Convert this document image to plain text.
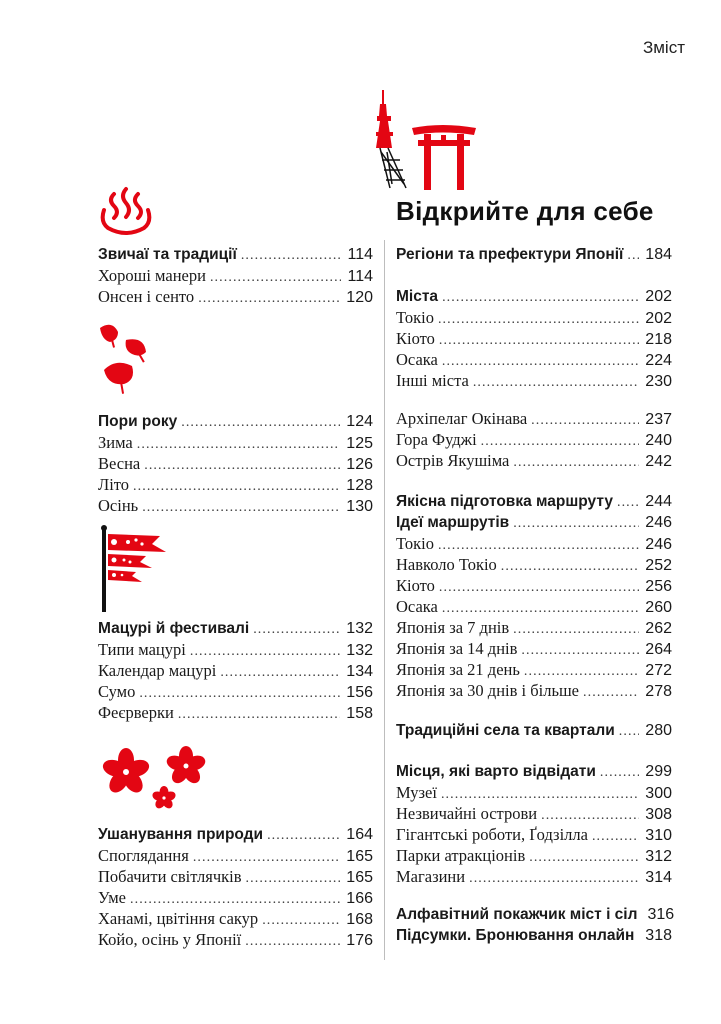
Зміст
Відкрийте для себе
Звичаї та традиції . . .	114
Хороші манери . . .	114
Онсен і сенто . . .	120
Пори року . . .	124
Зима . . .	125
Весна . . .	126
Літо . . .	128
Осінь . . .	130
Мацурі й фестивалі . . .	132
Типи мацурі . . .	132
Календар мацурі . . .	134
Сумо . . .	156
Феєрверки . . .	158
Ушанування природи . . .	164
Споглядання . . .	165
Побачити світлячків . . .	165
Уме . . .	166
Ханамі, цвітіння сакур . . .	168
Койо, осінь у Японії . . .	176
Регіони та префектури Японії . . . 184
Міста . . .	202
Токіо . . .	202
Кіото . . .	218
Осака . . .	224
Інші міста . . .	230
Архіпелаг Окінава . . .	237
Гора Фуджі . . .	240
Острів Якушіма . . .	242
Якісна підготовка маршруту . . . 244
Ідеї маршрутів . . .	246
Токіо . . .	246
Навколо Токіо . . .	252
Кіото . . .	256
Осака . . .	260
Японія за 7 днів . . .	262
Японія за 14 днів . . .	264
Японія за 21 день . . .	272
Японія за 30 днів і більше . . .	278
Традиційні села та квартали . . . 280
Місця, які варто відвідати . . .	299
Музеї . . .	300
Незвичайні острови . . .	308
Гігантські роботи, Ґодзілла . . .	310
Парки атракціонів . . .	312
Магазини . . .	314
Алфавітний покажчик міст і сіл 316
Підсумки. Бронювання онлайн . . . 318
